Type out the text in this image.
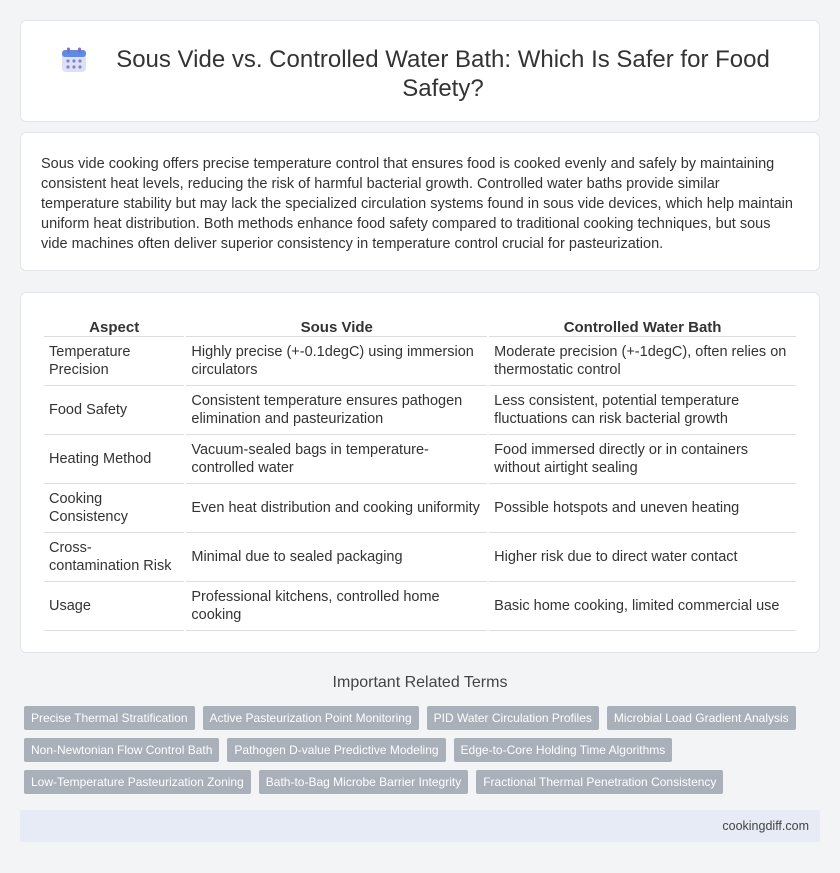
Sous Vide vs. Controlled Water Bath: Which Is Safer for Food Safety?

Sous vide cooking offers precise temperature control that ensures food is cooked evenly and safely by maintaining consistent heat levels, reducing the risk of harmful bacterial growth. Controlled water baths provide similar temperature stability but may lack the specialized circulation systems found in sous vide devices, which help maintain uniform heat distribution. Both methods enhance food safety compared to traditional cooking techniques, but sous vide machines often deliver superior consistency in temperature control crucial for pasteurization.

Aspect	Sous Vide	Controlled Water Bath
Temperature Precision	Highly precise (+-0.1degC) using immersion circulators	Moderate precision (+-1degC), often relies on thermostatic control
Food Safety	Consistent temperature ensures pathogen elimination and pasteurization	Less consistent, potential temperature fluctuations can risk bacterial growth
Heating Method	Vacuum-sealed bags in temperature-controlled water	Food immersed directly or in containers without airtight sealing
Cooking Consistency	Even heat distribution and cooking uniformity	Possible hotspots and uneven heating
Cross-contamination Risk	Minimal due to sealed packaging	Higher risk due to direct water contact
Usage	Professional kitchens, controlled home cooking	Basic home cooking, limited commercial use
Important Related Terms
Precise Thermal Stratification	Active Pasteurization Point Monitoring	PID Water Circulation Profiles	Microbial Load Gradient Analysis
Non-Newtonian Flow Control Bath	Pathogen D-value Predictive Modeling	Edge-to-Core Holding Time Algorithms
Low-Temperature Pasteurization Zoning	Bath-to-Bag Microbe Barrier Integrity	Fractional Thermal Penetration Consistency
cookingdiff.com
